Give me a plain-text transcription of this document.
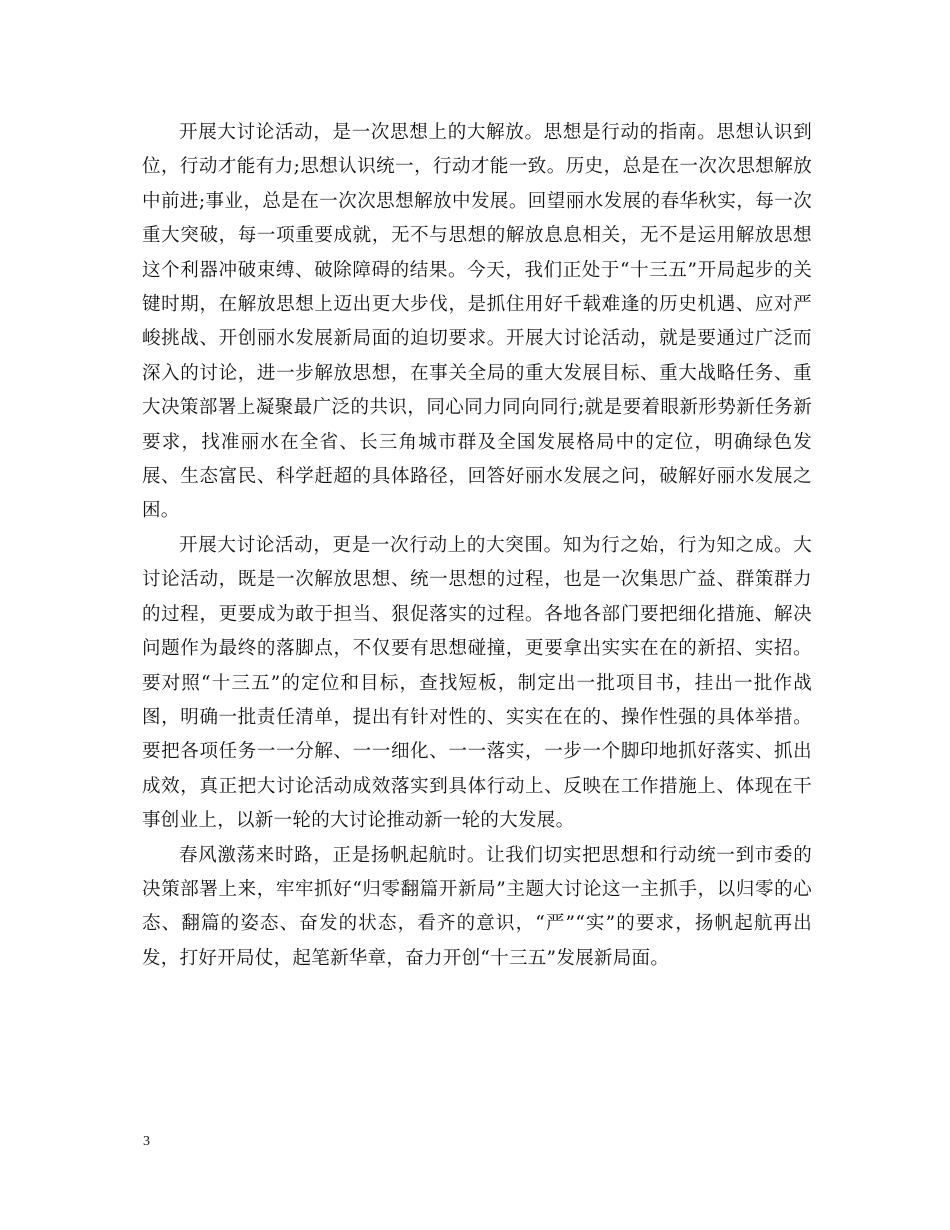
开展大讨论活动，是一次思想上的大解放。思想是行动的指南。思想认识到位，行动才能有力;思想认识统一，行动才能一致。历史，总是在一次次思想解放中前进;事业，总是在一次次思想解放中发展。回望丽水发展的春华秋实，每一次重大突破，每一项重要成就，无不与思想的解放息息相关，无不是运用解放思想这个利器冲破束缚、破除障碍的结果。今天，我们正处于“十三五”开局起步的关键时期，在解放思想上迈出更大步伐，是抓住用好千载难逢的历史机遇、应对严峻挑战、开创丽水发展新局面的迫切要求。开展大讨论活动，就是要通过广泛而深入的讨论，进一步解放思想，在事关全局的重大发展目标、重大战略任务、重大决策部署上凝聚最广泛的共识，同心同力同向同行;就是要着眼新形势新任务新要求，找准丽水在全省、长三角城市群及全国发展格局中的定位，明确绿色发展、生态富民、科学赶超的具体路径，回答好丽水发展之问，破解好丽水发展之困。

开展大讨论活动，更是一次行动上的大突围。知为行之始，行为知之成。大讨论活动，既是一次解放思想、统一思想的过程，也是一次集思广益、群策群力的过程，更要成为敢于担当、狠促落实的过程。各地各部门要把细化措施、解决问题作为最终的落脚点，不仅要有思想碰撞，更要拿出实实在在的新招、实招。要对照“十三五”的定位和目标，查找短板，制定出一批项目书，挂出一批作战图，明确一批责任清单，提出有针对性的、实实在在的、操作性强的具体举措。要把各项任务一一分解、一一细化、一一落实，一步一个脚印地抓好落实、抓出成效，真正把大讨论活动成效落实到具体行动上、反映在工作措施上、体现在干事创业上，以新一轮的大讨论推动新一轮的大发展。

春风激荡来时路，正是扬帆起航时。让我们切实把思想和行动统一到市委的决策部署上来，牢牢抓好“归零翻篇开新局”主题大讨论这一主抓手，以归零的心态、翻篇的姿态、奋发的状态，看齐的意识，“严”“实”的要求，扬帆起航再出发，打好开局仗，起笔新华章，奋力开创“十三五”发展新局面。

3
